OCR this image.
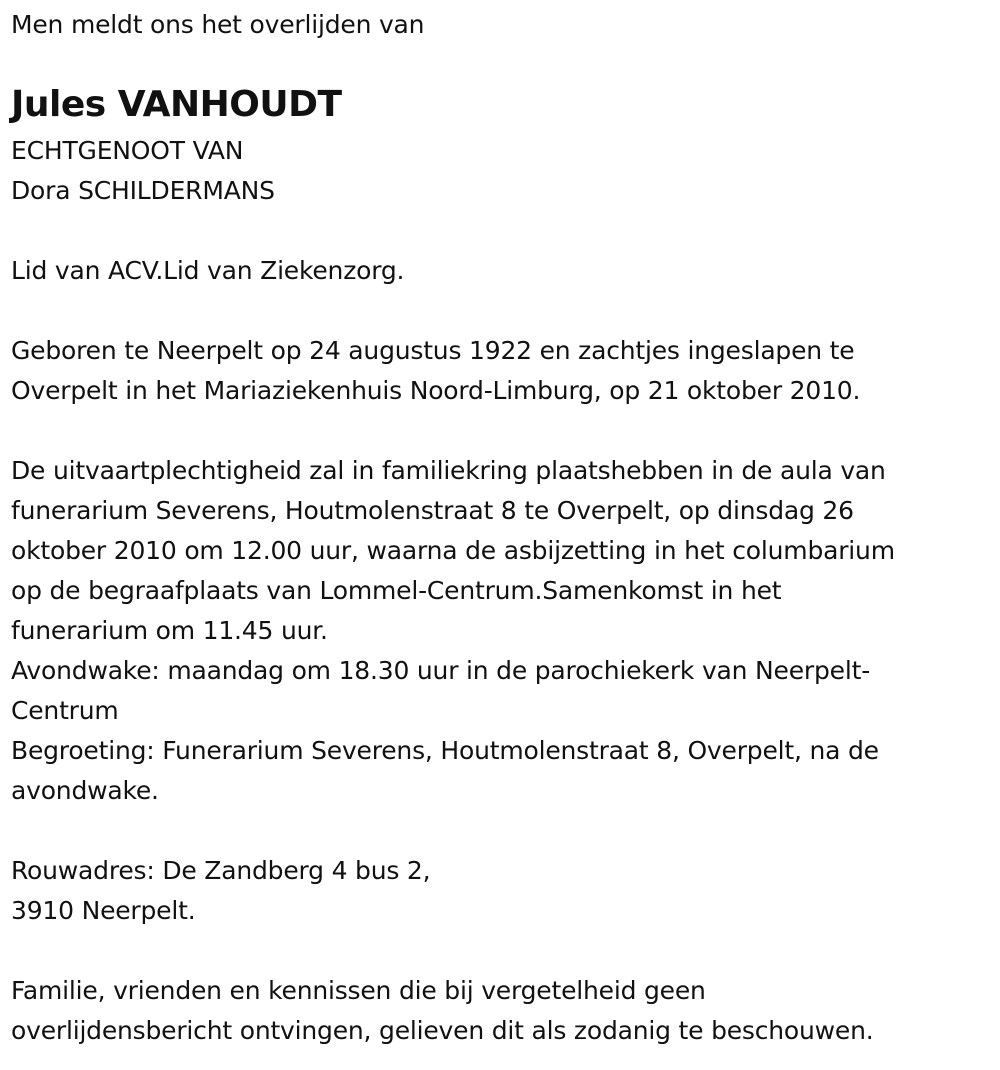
Men meldt ons het overlijden van
Jules VANHOUDT
ECHTGENOOT VAN
Dora SCHILDERMANS
Lid van ACV.Lid van Ziekenzorg.
Geboren te Neerpelt op 24 augustus 1922 en zachtjes ingeslapen te
Overpelt in het Mariaziekenhuis Noord-Limburg, op 21 oktober 2010.
De uitvaartplechtigheid zal in familiekring plaatshebben in de aula van
funerarium Severens, Houtmolenstraat 8 te Overpelt, op dinsdag 26
oktober 2010 om 12.00 uur, waarna de asbijzetting in het columbarium
op de begraafplaats van Lommel-Centrum.Samenkomst in het
funerarium om 11.45 uur.
Avondwake: maandag om 18.30 uur in de parochiekerk van Neerpelt-
Centrum
Begroeting: Funerarium Severens, Houtmolenstraat 8, Overpelt, na de
avondwake.
Rouwadres: De Zandberg 4 bus 2,
3910 Neerpelt.
Familie, vrienden en kennissen die bij vergetelheid geen
overlijdensbericht ontvingen, gelieven dit als zodanig te beschouwen.
